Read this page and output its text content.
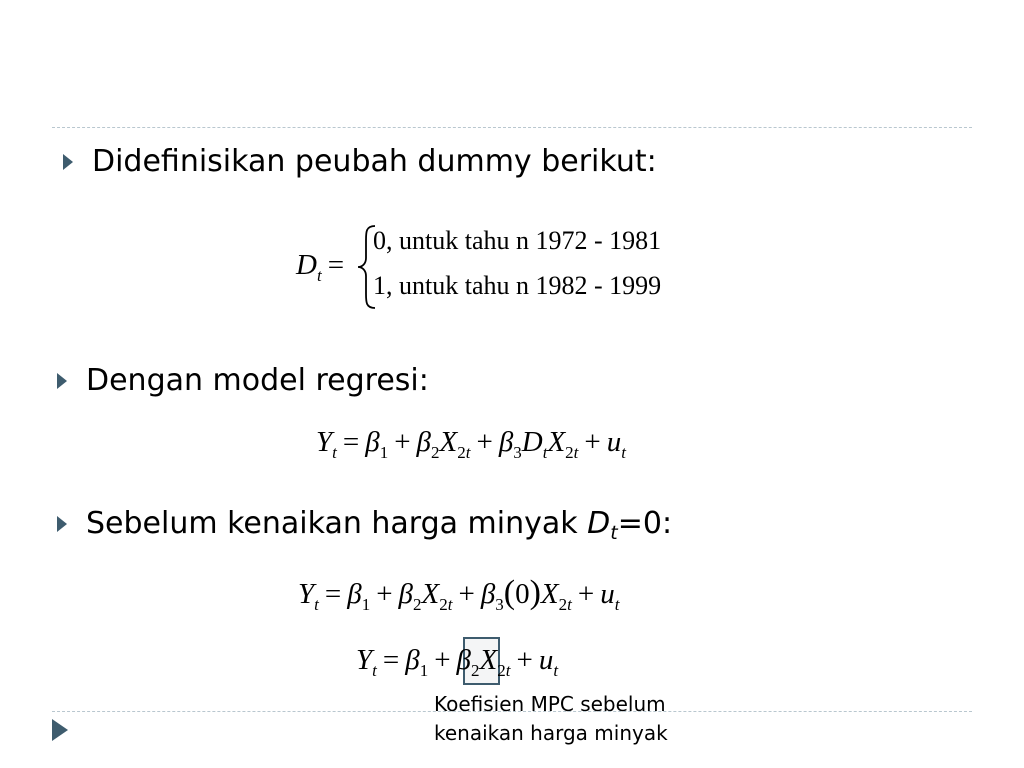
Didefinisikan peubah dummy berikut:
$D_t$ =
0, untuk tahu n 1972 - 1981
1, untuk tahu n 1982 - 1999
Dengan model regresi:
$Y_t = \beta_1 + \beta_2X_{2t} + \beta_3D_tX_{2t} + u_t$
Sebelum kenaikan harga minyak $D_t=0$:
$Y_t = \beta_1 + \beta_2X_{2t} + \beta_3(0)X_{2t} + u_t$
$Y_t = \beta_1 + \beta_2X_{2t} + u_t$
Koefisien MPC sebelum
kenaikan harga minyak
